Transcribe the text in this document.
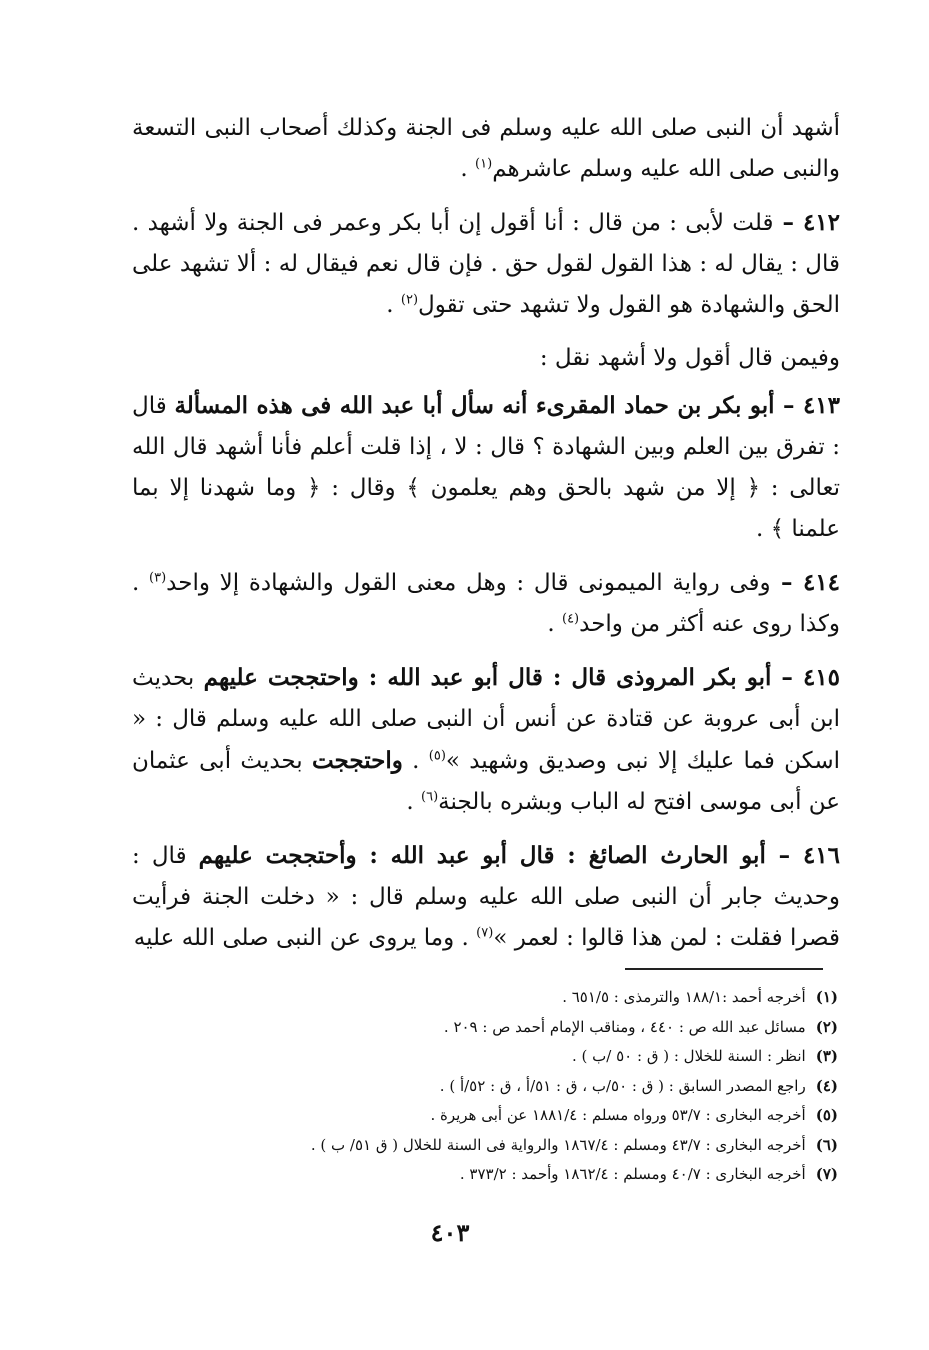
أشهد أن النبى صلى الله عليه وسلم فى الجنة وكذلك أصحاب النبى التسعة والنبى صلى الله عليه وسلم عاشرهم$^{(١)}$ .

٤١٢ – قلت لأبى : من قال : أنا أقول إن أبا بكر وعمر فى الجنة ولا أشهد . قال : يقال له : هذا القول لقول حق . فإن قال نعم فيقال له : ألا تشهد على الحق والشهادة هو القول ولا تشهد حتى تقول$^{(٢)}$ .

وفيمن قال أقول ولا أشهد نقل :

٤١٣ – أبو بكر بن حماد المقرىء أنه سأل أبا عبد الله فى هذه المسألة قال : تفرق بين العلم وبين الشهادة ؟ قال : لا ، إذا قلت أعلم فأنا أشهد قال الله تعالى : ﴿ إلا من شهد بالحق وهم يعلمون ﴾ وقال : ﴿ وما شهدنا إلا بما علمنا ﴾ .

٤١٤ – وفى رواية الميمونى قال : وهل معنى القول والشهادة إلا واحد$^{(٣)}$ . وكذا روى عنه أكثر من واحد$^{(٤)}$ .

٤١٥ – أبو بكر المروذى قال : قال أبو عبد الله : واحتججت عليهم بحديث ابن أبى عروبة عن قتادة عن أنس أن النبى صلى الله عليه وسلم قال : « اسكن فما عليك إلا نبى وصديق وشهيد »$^{(٥)}$ . واحتججت بحديث أبى عثمان عن أبى موسى افتح له الباب وبشره بالجنة$^{(٦)}$ .

٤١٦ – أبو الحارث الصائغ : قال أبو عبد الله : وأحتججت عليهم قال : وحديث جابر أن النبى صلى الله عليه وسلم قال : « دخلت الجنة فرأيت قصرا فقلت : لمن هذا قالوا : لعمر »$^{(٧)}$ . وما يروى عن النبى صلى الله عليه

(١)أخرجه أحمد :١٨٨/١ والترمذى : ٦٥١/٥ .
(٢)مسائل عبد الله ص : ٤٤٠ ، ومناقب الإمام أحمد ص : ٢٠٩ .
(٣)انظر : السنة للخلال : ( ق : ٥٠ /ب ) .
(٤)راجع المصدر السابق : ( ق : ٥٠/ب ، ق : ٥١/أ ، ق : ٥٢/أ ) .
(٥)أخرجه البخارى : ٥٣/٧ ورواه مسلم : ١٨٨١/٤ عن أبى هريرة .
(٦)أخرجه البخارى : ٤٣/٧ ومسلم : ١٨٦٧/٤ والرواية فى السنة للخلال ( ق ٥١/ ب ) .
(٧)أخرجه البخارى : ٤٠/٧ ومسلم : ١٨٦٢/٤ وأحمد : ٣٧٣/٢ .
٤٠٣
